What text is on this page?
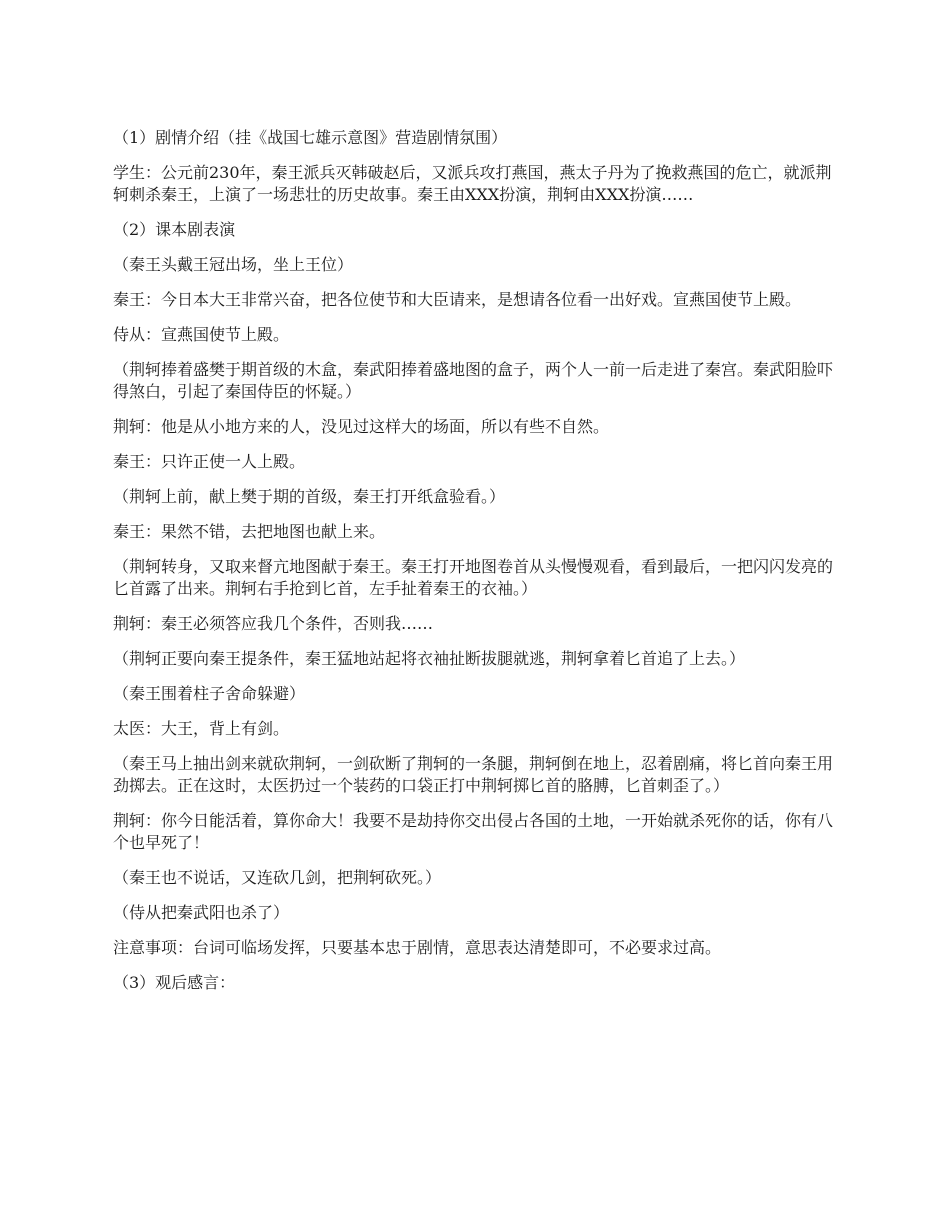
（1）剧情介绍（挂《战国七雄示意图》营造剧情氛围）

学生：公元前230年，秦王派兵灭韩破赵后，又派兵攻打燕国，燕太子丹为了挽救燕国的危亡，就派荆轲刺杀秦王，上演了一场悲壮的历史故事。秦王由XXX扮演，荆轲由XXX扮演……

（2）课本剧表演

（秦王头戴王冠出场，坐上王位）

秦王：今日本大王非常兴奋，把各位使节和大臣请来，是想请各位看一出好戏。宣燕国使节上殿。

侍从：宣燕国使节上殿。

（荆轲捧着盛樊于期首级的木盒，秦武阳捧着盛地图的盒子，两个人一前一后走进了秦宫。秦武阳脸吓得煞白，引起了秦国侍臣的怀疑。）

荆轲：他是从小地方来的人，没见过这样大的场面，所以有些不自然。

秦王：只许正使一人上殿。

（荆轲上前，献上樊于期的首级，秦王打开纸盒验看。）

秦王：果然不错，去把地图也献上来。

（荆轲转身，又取来督亢地图献于秦王。秦王打开地图卷首从头慢慢观看，看到最后，一把闪闪发亮的匕首露了出来。荆轲右手抢到匕首，左手扯着秦王的衣袖。）

荆轲：秦王必须答应我几个条件，否则我……

（荆轲正要向秦王提条件，秦王猛地站起将衣袖扯断拔腿就逃，荆轲拿着匕首追了上去。）

（秦王围着柱子舍命躲避）

太医：大王，背上有剑。

（秦王马上抽出剑来就砍荆轲，一剑砍断了荆轲的一条腿，荆轲倒在地上，忍着剧痛，将匕首向秦王用劲掷去。正在这时，太医扔过一个装药的口袋正打中荆轲掷匕首的胳膊，匕首刺歪了。）

荆轲：你今日能活着，算你命大！我要不是劫持你交出侵占各国的土地，一开始就杀死你的话，你有八个也早死了！

（秦王也不说话，又连砍几剑，把荆轲砍死。）

（侍从把秦武阳也杀了）

注意事项：台词可临场发挥，只要基本忠于剧情，意思表达清楚即可，不必要求过高。

（3）观后感言：
